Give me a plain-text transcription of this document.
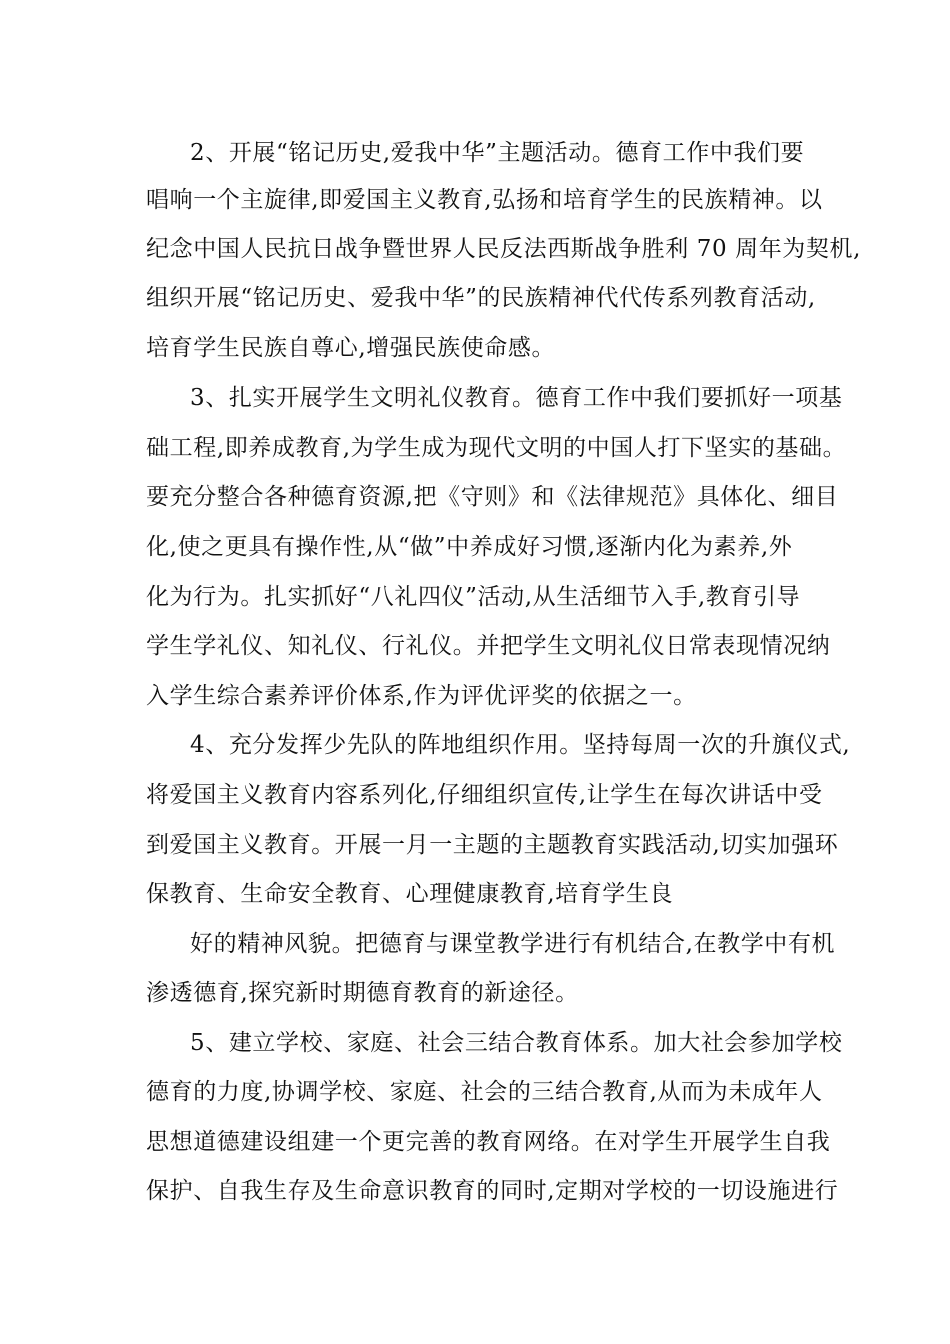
2、开展“铭记历史,爱我中华”主题活动。德育工作中我们要
唱响一个主旋律,即爱国主义教育,弘扬和培育学生的民族精神。以
纪念中国人民抗日战争暨世界人民反法西斯战争胜利 70 周年为契机,
组织开展“铭记历史、爱我中华”的民族精神代代传系列教育活动,
培育学生民族自尊心,增强民族使命感。
3、扎实开展学生文明礼仪教育。德育工作中我们要抓好一项基
础工程,即养成教育,为学生成为现代文明的中国人打下坚实的基础。
要充分整合各种德育资源,把《守则》和《法律规范》具体化、细目
化,使之更具有操作性,从“做”中养成好习惯,逐渐内化为素养,外
化为行为。扎实抓好“八礼四仪”活动,从生活细节入手,教育引导
学生学礼仪、知礼仪、行礼仪。并把学生文明礼仪日常表现情况纳
入学生综合素养评价体系,作为评优评奖的依据之一。
4、充分发挥少先队的阵地组织作用。坚持每周一次的升旗仪式,
将爱国主义教育内容系列化,仔细组织宣传,让学生在每次讲话中受
到爱国主义教育。开展一月一主题的主题教育实践活动,切实加强环
保教育、生命安全教育、心理健康教育,培育学生良
好的精神风貌。把德育与课堂教学进行有机结合,在教学中有机
渗透德育,探究新时期德育教育的新途径。
5、建立学校、家庭、社会三结合教育体系。加大社会参加学校
德育的力度,协调学校、家庭、社会的三结合教育,从而为未成年人
思想道德建设组建一个更完善的教育网络。在对学生开展学生自我
保护、自我生存及生命意识教育的同时,定期对学校的一切设施进行
